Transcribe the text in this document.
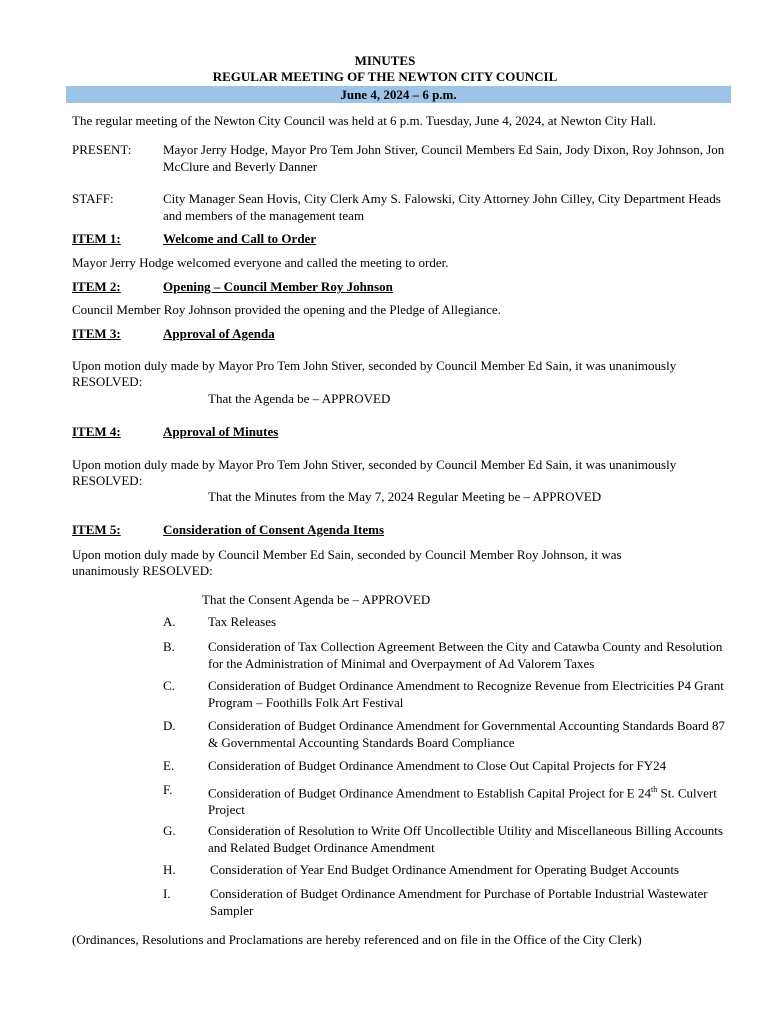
MINUTES
REGULAR MEETING OF THE NEWTON CITY COUNCIL
June 4, 2024 – 6 p.m.
The regular meeting of the Newton City Council was held at 6 p.m. Tuesday, June 4, 2024, at Newton City Hall.
PRESENT: Mayor Jerry Hodge, Mayor Pro Tem John Stiver, Council Members Ed Sain, Jody Dixon, Roy Johnson, Jon McClure and Beverly Danner
STAFF:	City Manager Sean Hovis, City Clerk Amy S. Falowski, City Attorney John Cilley, City Department Heads and members of the management team
ITEM 1:	Welcome and Call to Order
Mayor Jerry Hodge welcomed everyone and called the meeting to order.
ITEM 2:	Opening – Council Member Roy Johnson
Council Member Roy Johnson provided the opening and the Pledge of Allegiance.
ITEM 3:	Approval of Agenda
Upon motion duly made by Mayor Pro Tem John Stiver, seconded by Council Member Ed Sain, it was unanimously
RESOLVED:
That the Agenda be – APPROVED
ITEM 4:	Approval of Minutes
Upon motion duly made by Mayor Pro Tem John Stiver, seconded by Council Member Ed Sain, it was unanimously
RESOLVED:
That the Minutes from the May 7, 2024 Regular Meeting be – APPROVED
ITEM 5:	Consideration of Consent Agenda Items
Upon motion duly made by Council Member Ed Sain, seconded by Council Member Roy Johnson, it was
unanimously RESOLVED:
That the Consent Agenda be – APPROVED
A. Tax Releases
B.	Consideration of Tax Collection Agreement Between the City and Catawba County and Resolution for the Administration of Minimal and Overpayment of Ad Valorem Taxes
C.	Consideration of Budget Ordinance Amendment to Recognize Revenue from Electricities P4 Grant Program – Foothills Folk Art Festival
D. Consideration of Budget Ordinance Amendment for Governmental Accounting Standards Board 87 & Governmental Accounting Standards Board Compliance
E.	Consideration of Budget Ordinance Amendment to Close Out Capital Projects for FY24
F.	Consideration of Budget Ordinance Amendment to Establish Capital Project for E 24th St. Culvert Project
G. Consideration of Resolution to Write Off Uncollectible Utility and Miscellaneous Billing Accounts and Related Budget Ordinance Amendment
H.	Consideration of Year End Budget Ordinance Amendment for Operating Budget Accounts
I.	Consideration of Budget Ordinance Amendment for Purchase of Portable Industrial Wastewater Sampler
(Ordinances, Resolutions and Proclamations are hereby referenced and on file in the Office of the City Clerk)
